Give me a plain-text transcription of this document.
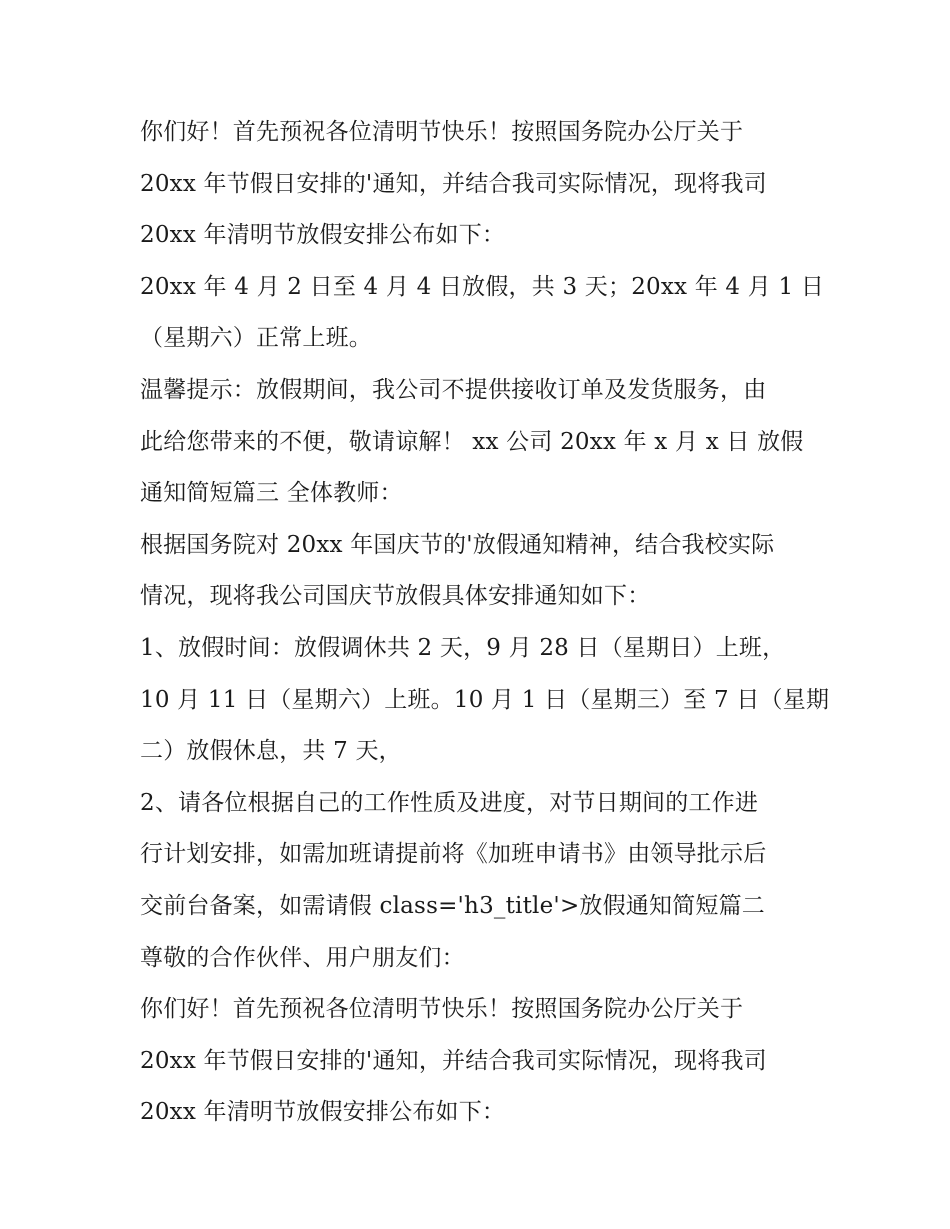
你们好！首先预祝各位清明节快乐！按照国务院办公厅关于

20xx 年节假日安排的'通知，并结合我司实际情况，现将我司

20xx 年清明节放假安排公布如下：

20xx 年 4 月 2 日至 4 月 4 日放假，共 3 天；20xx 年 4 月 1 日

（星期六）正常上班。

温馨提示：放假期间，我公司不提供接收订单及发货服务，由

此给您带来的不便，敬请谅解！ xx 公司 20xx 年 x 月 x 日 放假

通知简短篇三 全体教师：

根据国务院对 20xx 年国庆节的'放假通知精神，结合我校实际

情况，现将我公司国庆节放假具体安排通知如下：

1、放假时间：放假调休共 2 天，9 月 28 日（星期日）上班，

10 月 11 日（星期六）上班。10 月 1 日（星期三）至 7 日（星期

二）放假休息，共 7 天，

2、请各位根据自己的工作性质及进度，对节日期间的工作进

行计划安排，如需加班请提前将《加班申请书》由领导批示后

交前台备案，如需请假 class='h3_title'>放假通知简短篇二

尊敬的合作伙伴、用户朋友们：

你们好！首先预祝各位清明节快乐！按照国务院办公厅关于

20xx 年节假日安排的'通知，并结合我司实际情况，现将我司

20xx 年清明节放假安排公布如下：
